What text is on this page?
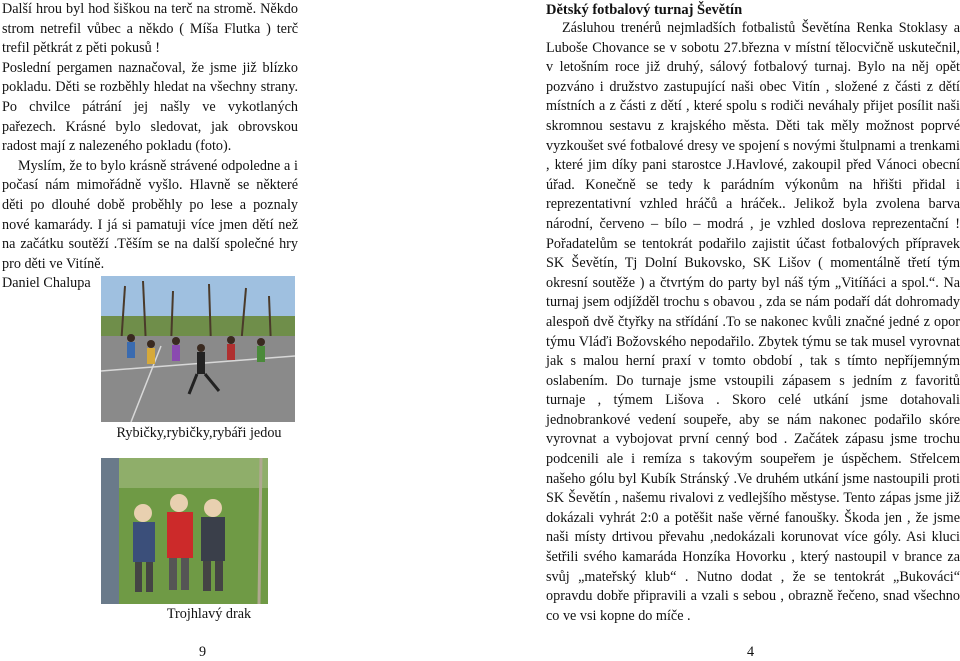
Další hrou byl hod šiškou na terč na stromě. Někdo strom netrefil vůbec a někdo ( Míša Flutka ) terč trefil pětkrát z pěti pokusů !

Poslední pergamen naznačoval, že jsme již blízko pokladu. Děti se rozběhly hledat na všechny strany. Po chvilce pátrání jej našly ve vykotlaných pařezech. Krásné bylo sledovat, jak obrovskou radost mají z nalezeného pokladu (foto).

Myslím, že to bylo krásně strávené odpoledne a i počasí nám mimořádně vyšlo. Hlavně se některé děti po dlouhé době proběhly po lese a poznaly nové kamarády. I já si pamatuji více jmen dětí než na začátku soutěží .Těším se na další společné hry pro děti ve Vitíně.

Daniel Chalupa

Rybičky,rybičky,rybáři jedou
Trojhlavý drak
9
Dětský fotbalový turnaj Ševětín

Zásluhou trenérů nejmladších fotbalistů Ševětína Renka Stoklasy a Luboše Chovance se v sobotu 27.března v místní tělocvičně uskutečnil, v letošním roce již druhý, sálový fotbalový turnaj. Bylo na něj opět pozváno i družstvo zastupující naši obec Vitín , složené z části z dětí místních a z části z dětí , které spolu s rodiči neváhaly přijet posílit naši skromnou sestavu z krajského města. Děti tak měly možnost poprvé vyzkoušet své fotbalové dresy ve spojení s novými štulpnami a trenkami , které jim díky pani starostce J.Havlové, zakoupil před Vánoci obecní úřad. Konečně se tedy k parádním výkonům na hřišti přidal i reprezentativní vzhled hráčů a hráček.. Jelikož byla zvolena barva národní, červeno – bílo – modrá , je vzhled doslova reprezentační ! Pořadatelům se tentokrát podařilo zajistit účast fotbalových přípravek SK Ševětín, Tj Dolní Bukovsko, SK Lišov ( momentálně třetí tým okresní soutěže ) a čtvrtým do party byl náš tým „Vitíňáci a spol.“. Na turnaj jsem odjížděl trochu s obavou , zda se nám podaří dát dohromady alespoň dvě čtyřky na střídání .To se nakonec kvůli značné jedné z opor týmu Vláďi Božovského nepodařilo. Zbytek týmu se tak musel vyrovnat jak s malou herní praxí v tomto období , tak s tímto nepříjemným oslabením. Do turnaje jsme vstoupili zápasem s jedním z favoritů turnaje , týmem Lišova . Skoro celé utkání jsme dotahovali jednobrankové vedení soupeře, aby se nám nakonec podařilo skóre vyrovnat a vybojovat první cenný bod . Začátek zápasu jsme trochu podcenili ale i remíza s takovým soupeřem je úspěchem. Střelcem našeho gólu byl Kubík Stránský .Ve druhém utkání jsme nastoupili proti SK Ševětín , našemu rivalovi z vedlejšího městyse. Tento zápas jsme již dokázali vyhrát 2:0 a potěšit naše věrné fanoušky. Škoda jen , že jsme naši místy drtivou převahu ,nedokázali korunovat více góly. Asi kluci šetřili svého kamaráda Honzíka Hovorku , který nastoupil v brance za svůj „mateřský klub“ . Nutno dodat , že se tentokrát „Bukováci“ opravdu dobře připravili a vzali s sebou , obrazně řečeno, snad všechno co ve vsi kopne do míče .

4
